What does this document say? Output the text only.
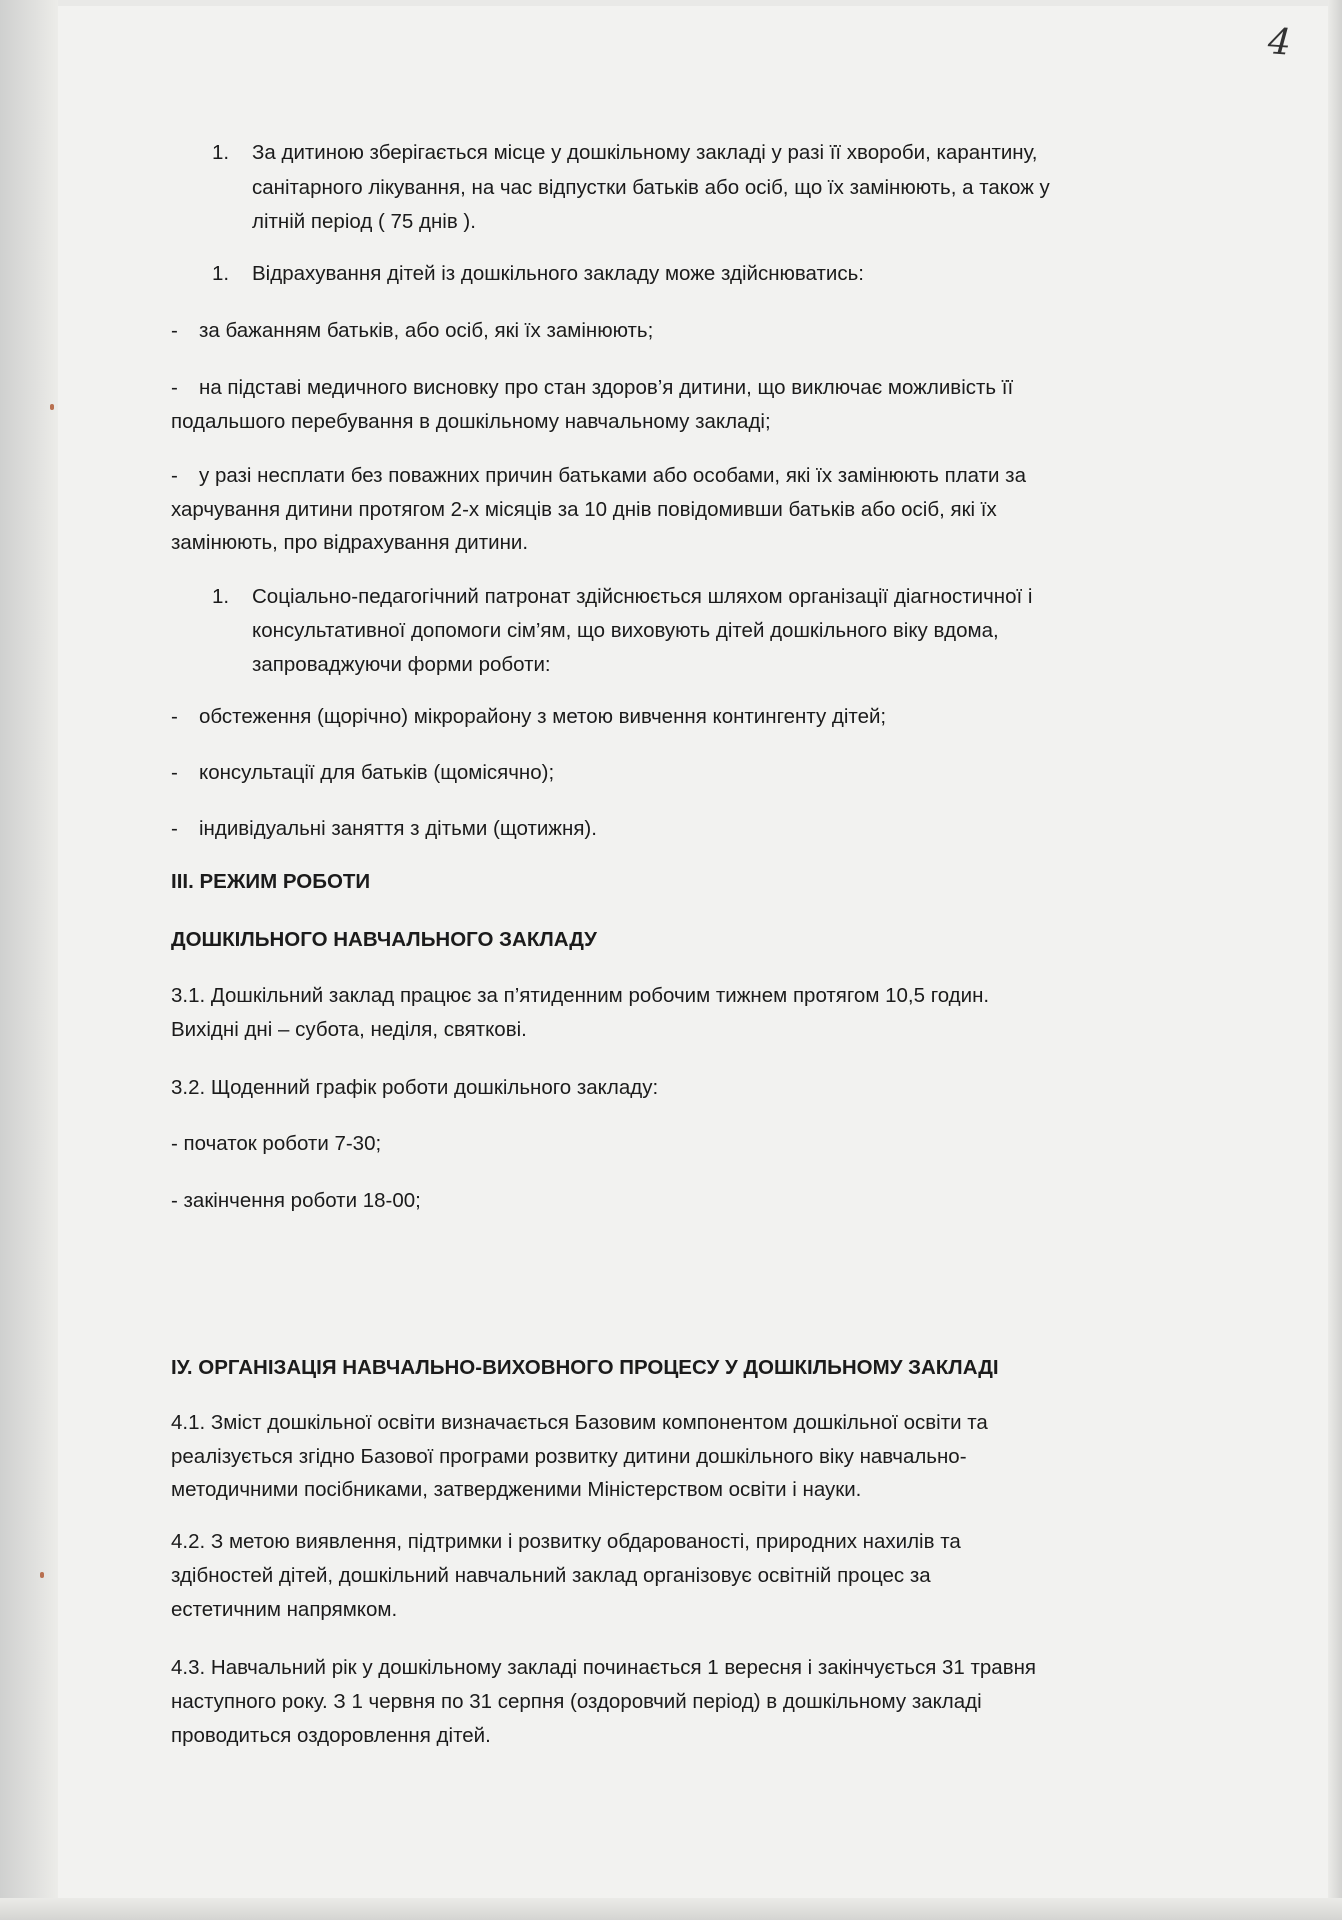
4
1. За дитиною зберігається місце у дошкільному закладі у разі її хвороби, карантину,
санітарного лікування, на час відпустки батьків або осіб, що їх замінюють, а також у
літній період ( 75 днів ).
1. Відрахування дітей із дошкільного закладу може здійснюватись:
- за бажанням батьків, або осіб, які їх замінюють;
- на підставі медичного висновку про стан здоров’я дитини, що виключає можливість її
подальшого перебування в дошкільному навчальному закладі;
- у разі несплати без поважних причин батьками або особами, які їх замінюють плати за
харчування дитини протягом 2-х місяців за 10 днів повідомивши батьків або осіб, які їх
замінюють, про відрахування дитини.
1. Соціально-педагогічний патронат здійснюється шляхом організації діагностичної і
консультативної допомоги сім’ям, що виховують дітей дошкільного віку вдома,
запроваджуючи форми роботи:
- обстеження (щорічно) мікрорайону з метою вивчення контингенту дітей;
- консультації для батьків (щомісячно);
- індивідуальні заняття з дітьми (щотижня).
ІІІ. РЕЖИМ РОБОТИ
ДОШКІЛЬНОГО НАВЧАЛЬНОГО ЗАКЛАДУ
3.1. Дошкільний заклад працює за п’ятиденним робочим тижнем протягом 10,5 годин.
Вихідні дні – субота, неділя, святкові.
3.2. Щоденний графік роботи дошкільного закладу:
- початок роботи 7-30;
- закінчення роботи 18-00;
ІУ. ОРГАНІЗАЦІЯ НАВЧАЛЬНО-ВИХОВНОГО ПРОЦЕСУ У ДОШКІЛЬНОМУ ЗАКЛАДІ
4.1. Зміст дошкільної освіти визначається Базовим компонентом дошкільної освіти та
реалізується згідно Базової програми розвитку дитини дошкільного віку навчально-
методичними посібниками, затвердженими Міністерством освіти і науки.
4.2. З метою виявлення, підтримки і розвитку обдарованості, природних нахилів та
здібностей дітей, дошкільний навчальний заклад організовує освітній процес за
естетичним напрямком.
4.3. Навчальний рік у дошкільному закладі починається 1 вересня і закінчується 31 травня
наступного року. З 1 червня по 31 серпня (оздоровчий період) в дошкільному закладі
проводиться оздоровлення дітей.
